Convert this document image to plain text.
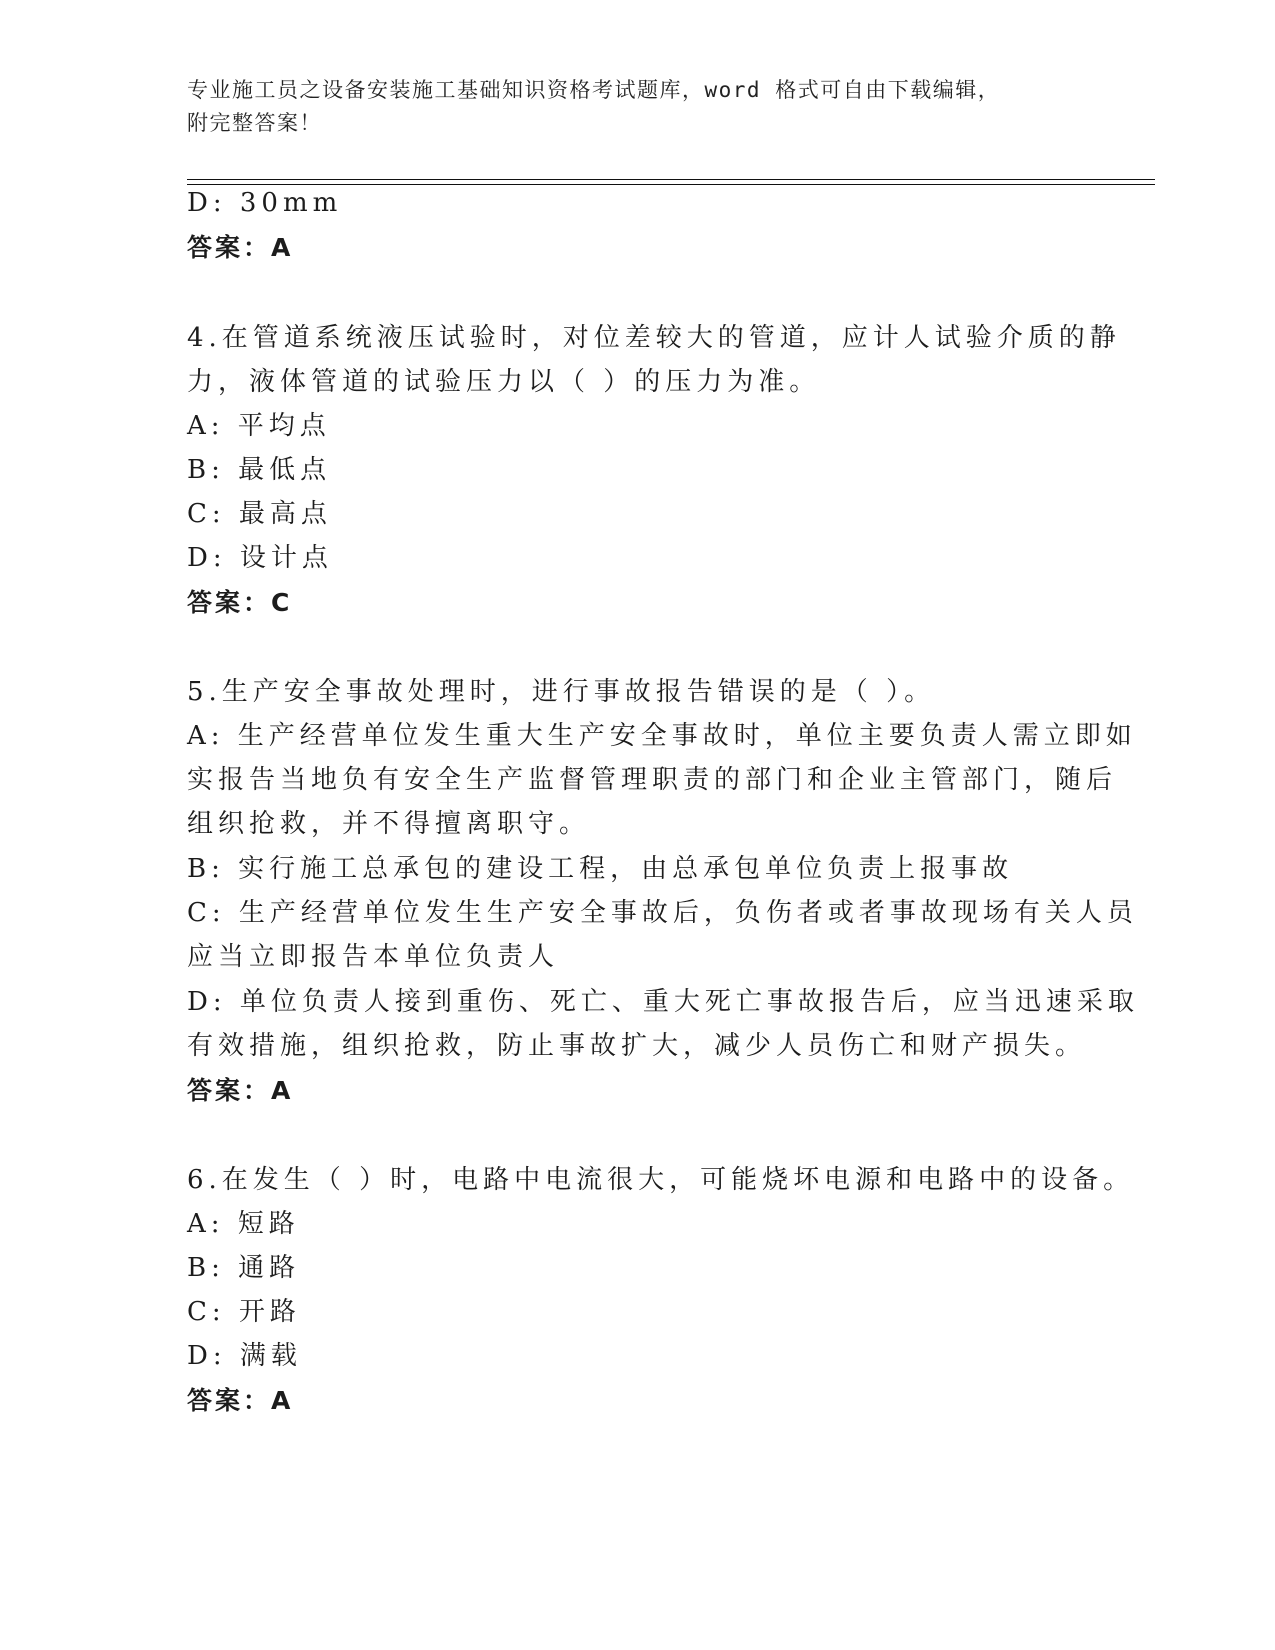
专业施工员之设备安装施工基础知识资格考试题库，word 格式可自由下载编辑，
附完整答案！
D: 30mm
答案：A
4.在管道系统液压试验时，对位差较大的管道，应计人试验介质的静
力，液体管道的试验压力以（ ）的压力为准。
A: 平均点
B: 最低点
C: 最高点
D: 设计点
答案：C
5.生产安全事故处理时，进行事故报告错误的是（ ）。
A: 生产经营单位发生重大生产安全事故时，单位主要负责人需立即如
实报告当地负有安全生产监督管理职责的部门和企业主管部门，随后
组织抢救，并不得擅离职守。
B: 实行施工总承包的建设工程，由总承包单位负责上报事故
C: 生产经营单位发生生产安全事故后，负伤者或者事故现场有关人员
应当立即报告本单位负责人
D: 单位负责人接到重伤、死亡、重大死亡事故报告后，应当迅速采取
有效措施，组织抢救，防止事故扩大，减少人员伤亡和财产损失。
答案：A
6.在发生（ ）时，电路中电流很大，可能烧坏电源和电路中的设备。
A: 短路
B: 通路
C: 开路
D: 满载
答案：A
